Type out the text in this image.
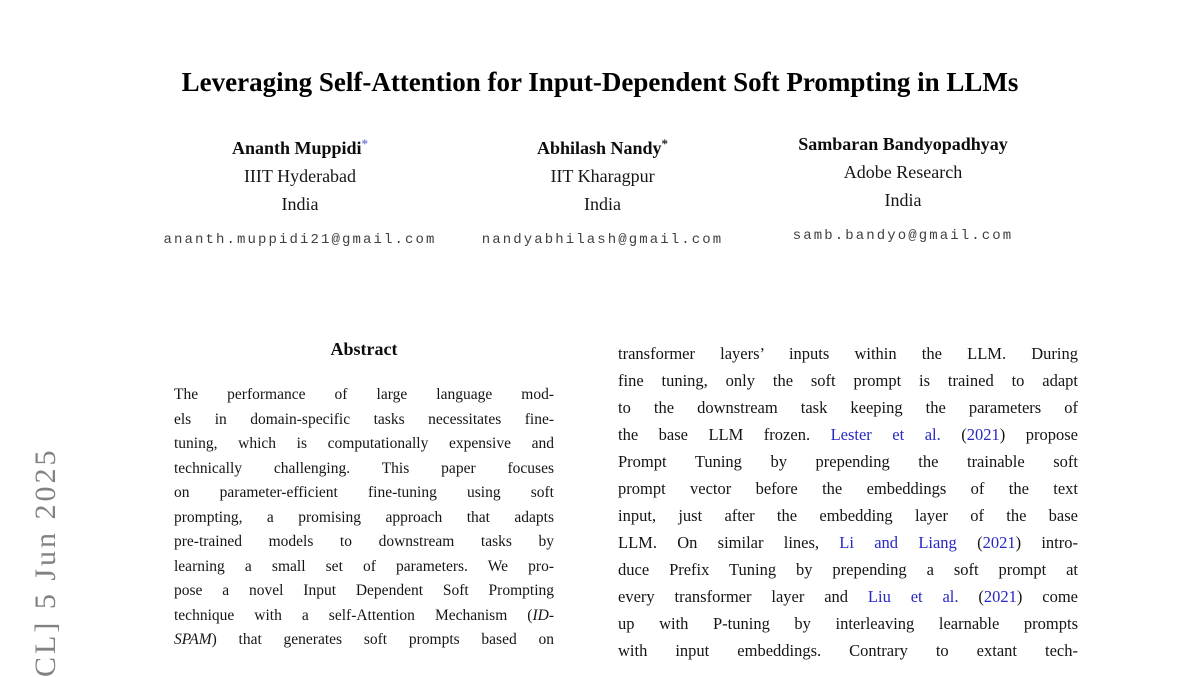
CL] 5 Jun 2025
Leveraging Self-Attention for Input-Dependent Soft Prompting in LLMs
Ananth Muppidi*
IIIT Hyderabad
India
ananth.muppidi21@gmail.com
Abhilash Nandy*
IIT Kharagpur
India
nandyabhilash@gmail.com
Sambaran Bandyopadhyay
Adobe Research
India
samb.bandyo@gmail.com
Abstract
The performance of large language mod-
els in domain-specific tasks necessitates fine-
tuning, which is computationally expensive and
technically challenging. This paper focuses
on parameter-efficient fine-tuning using soft
prompting, a promising approach that adapts
pre-trained models to downstream tasks by
learning a small set of parameters. We pro-
pose a novel Input Dependent Soft Prompting
technique with a self-Attention Mechanism (ID-
SPAM) that generates soft prompts based on
transformer layers’ inputs within the LLM. During
fine tuning, only the soft prompt is trained to adapt
to the downstream task keeping the parameters of
the base LLM frozen. Lester et al. (2021) propose
Prompt Tuning by prepending the trainable soft
prompt vector before the embeddings of the text
input, just after the embedding layer of the base
LLM. On similar lines, Li and Liang (2021) intro-
duce Prefix Tuning by prepending a soft prompt at
every transformer layer and Liu et al. (2021) come
up with P-tuning by interleaving learnable prompts
with input embeddings. Contrary to extant tech-
